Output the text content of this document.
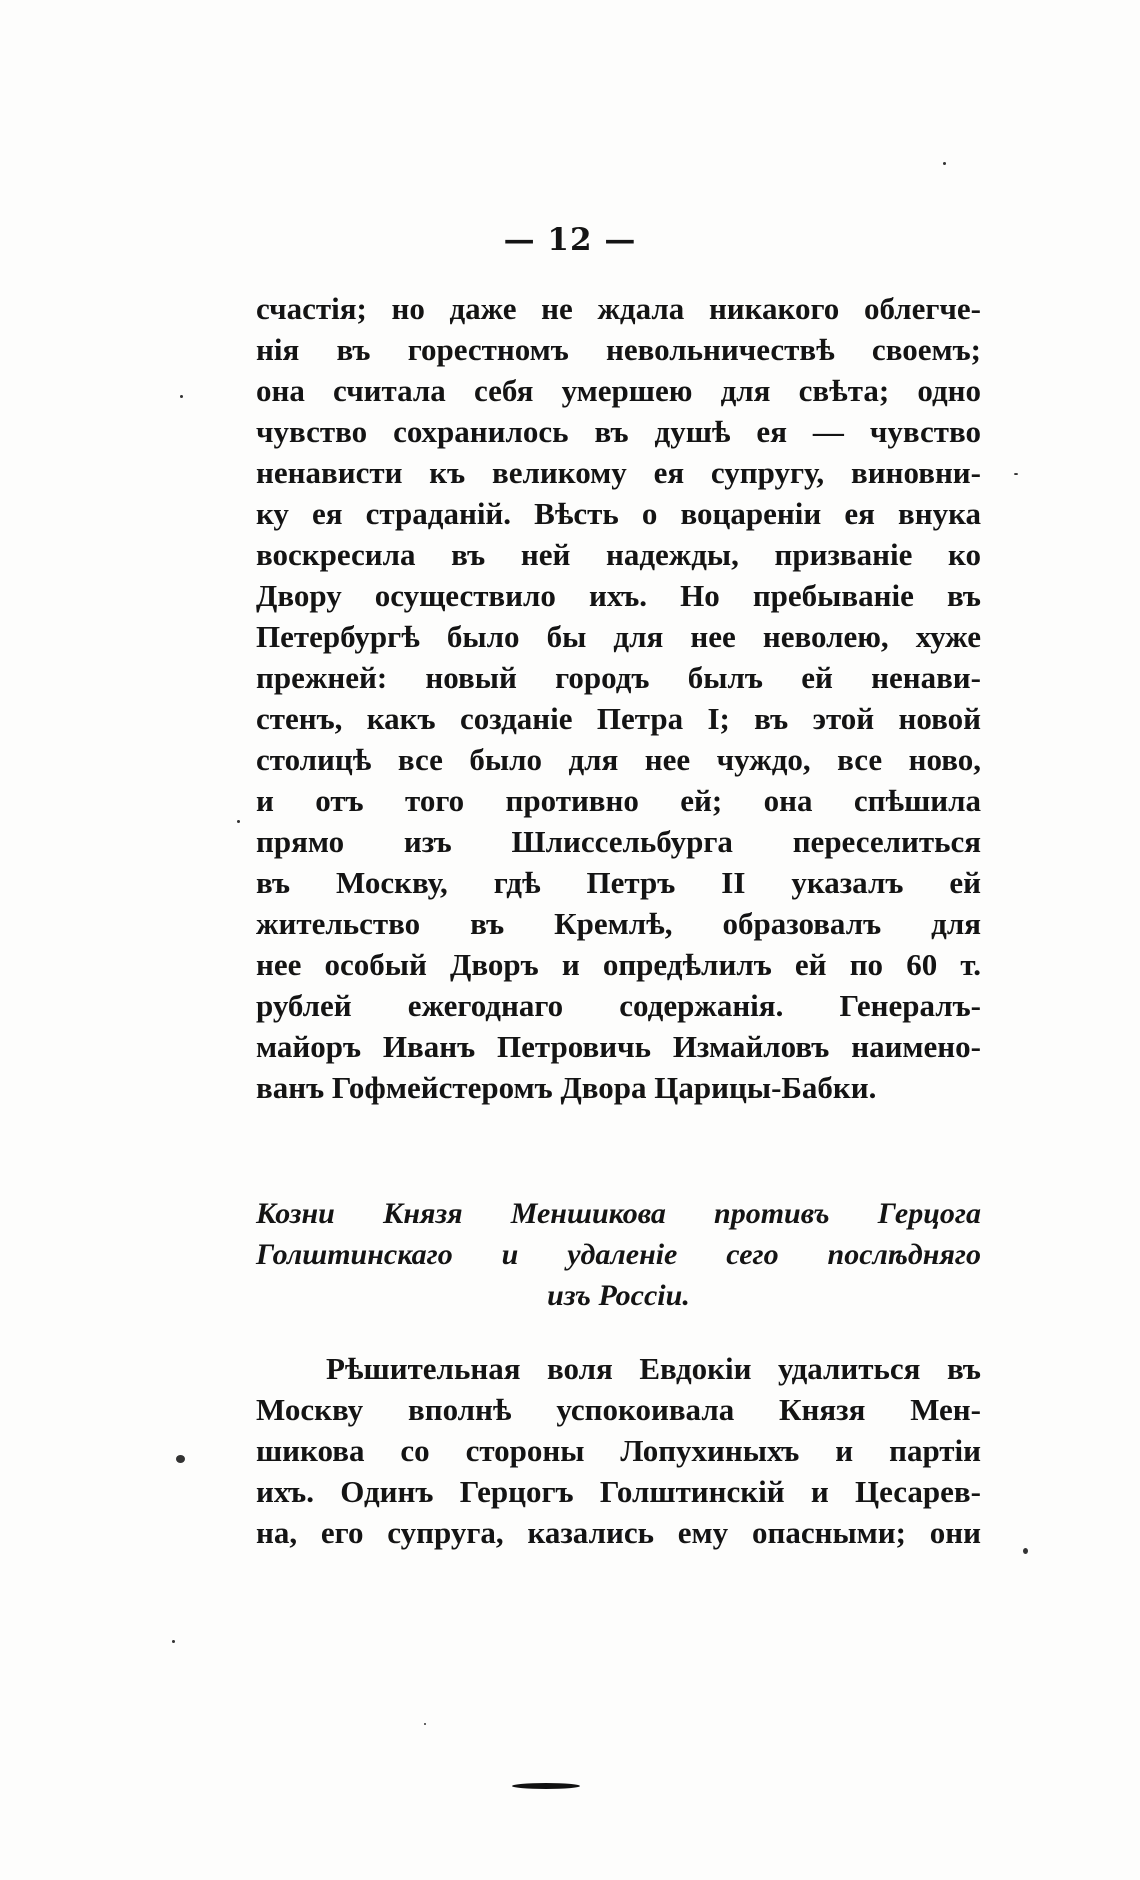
— 12 —
счастія; но даже не ждала никакого облегче-
нія въ горестномъ невольничествѣ своемъ;
она считала себя умершею для свѣта; одно
чувство сохранилось въ душѣ ея — чувство
ненависти къ великому ея супругу, виновни-
ку ея страданій. Вѣсть о воцареніи ея внука
воскресила въ ней надежды, призваніе ко
Двору осуществило ихъ. Но пребываніе въ
Петербургѣ было бы для нее неволею, хуже
прежней: новый городъ былъ ей ненави-
стенъ, какъ созданіе Петра I; въ этой новой
столицѣ все было для нее чуждо, все ново,
и отъ того противно ей; она спѣшила
прямо изъ Шлиссельбурга переселиться
въ Москву, гдѣ Петръ II указалъ ей
жительство въ Кремлѣ, образовалъ для
нее особый Дворъ и опредѣлилъ ей по 60 т.
рублей ежегоднаго содержанія. Генералъ-
майоръ Иванъ Петровичь Измайловъ наимено-
ванъ Гофмейстеромъ Двора Царицы-Бабки.
Козни Князя Меншикова противъ Герцога
Голштинскаго и удаленіе сего послѣдняго
изъ Россіи.
Рѣшительная воля Евдокіи удалиться въ
Москву вполнѣ успокоивала Князя Мен-
шикова со стороны Лопухиныхъ и партіи
ихъ. Одинъ Герцогъ Голштинскій и Цесарев-
на, его супруга, казались ему опасными; они
